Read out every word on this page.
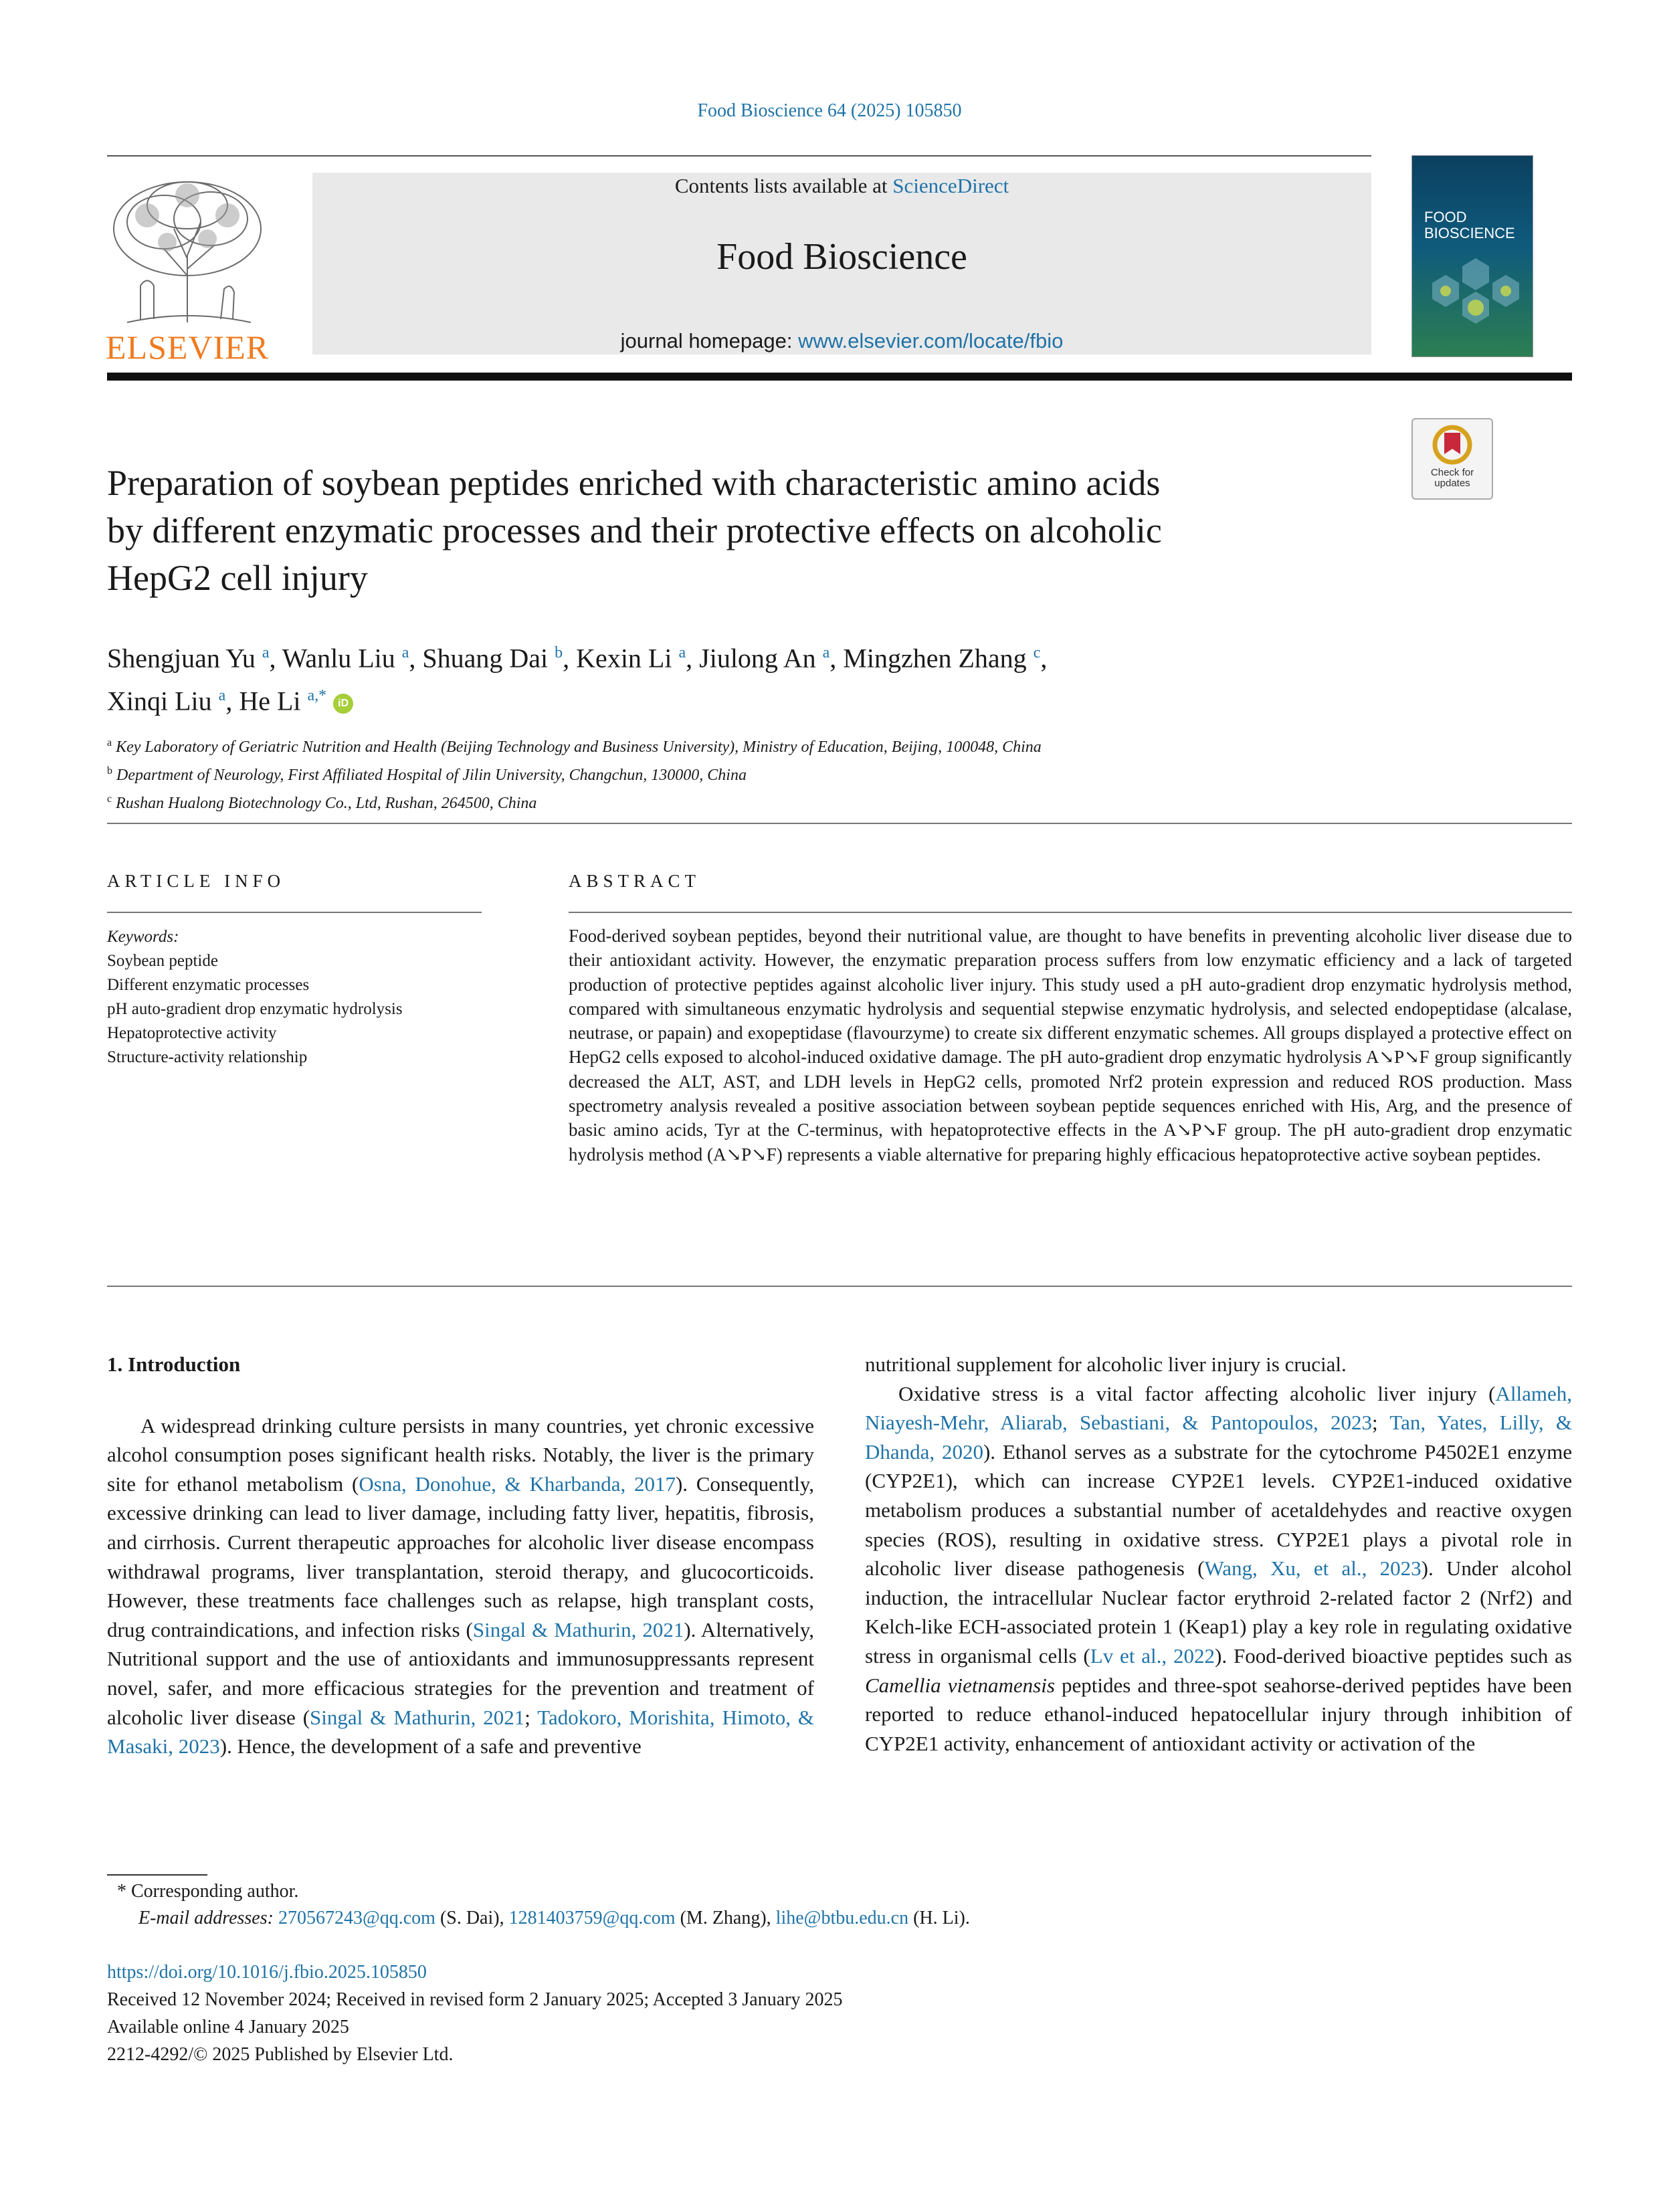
Food Bioscience 64 (2025) 105850
ELSEVIER
Contents lists available at ScienceDirect
Food Bioscience
journal homepage: www.elsevier.com/locate/fbio
FOOD
BIOSCIENCE
Preparation of soybean peptides enriched with characteristic amino acids
by different enzymatic processes and their protective effects on alcoholic
HepG2 cell injury
Check for
updates
Shengjuan Yu $^a$, Wanlu Liu $^a$, Shuang Dai $^b$, Kexin Li $^a$, Jiulong An $^a$, Mingzhen Zhang $^c$,
Xinqi Liu $^a$, He Li $^{a,*}$ iD
$^a$ Key Laboratory of Geriatric Nutrition and Health (Beijing Technology and Business University), Ministry of Education, Beijing, 100048, China
$^b$ Department of Neurology, First Affiliated Hospital of Jilin University, Changchun, 130000, China
$^c$ Rushan Hualong Biotechnology Co., Ltd, Rushan, 264500, China
ARTICLE INFO	ABSTRACT
Keywords:
Soybean peptide
Different enzymatic processes
pH auto-gradient drop enzymatic hydrolysis
Hepatoprotective activity
Structure-activity relationship
Food-derived soybean peptides, beyond their nutritional value, are thought to have benefits in preventing alcoholic liver disease due to their antioxidant activity. However, the enzymatic preparation process suffers from low enzymatic efficiency and a lack of targeted production of protective peptides against alcoholic liver injury. This study used a pH auto-gradient drop enzymatic hydrolysis method, compared with simultaneous enzymatic hydrolysis and sequential stepwise enzymatic hydrolysis, and selected endopeptidase (alcalase, neutrase, or papain) and exopeptidase (flavourzyme) to create six different enzymatic schemes. All groups displayed a protective effect on HepG2 cells exposed to alcohol-induced oxidative damage. The pH auto-gradient drop enzymatic hydrolysis A↘P↘F group significantly decreased the ALT, AST, and LDH levels in HepG2 cells, promoted Nrf2 protein expression and reduced ROS production. Mass spectrometry analysis revealed a positive association between soybean peptide sequences enriched with His, Arg, and the presence of basic amino acids, Tyr at the C-terminus, with hepatoprotective effects in the A↘P↘F group. The pH auto-gradient drop enzymatic hydrolysis method (A↘P↘F) represents a viable alternative for preparing highly efficacious hepatoprotective active soybean peptides.
1. Introduction

A widespread drinking culture persists in many countries, yet chronic excessive alcohol consumption poses significant health risks. Notably, the liver is the primary site for ethanol metabolism (Osna, Donohue, & Kharbanda, 2017). Consequently, excessive drinking can lead to liver damage, including fatty liver, hepatitis, fibrosis, and cirrhosis. Current therapeutic approaches for alcoholic liver disease encompass withdrawal programs, liver transplantation, steroid therapy, and glucocorticoids. However, these treatments face challenges such as relapse, high transplant costs, drug contraindications, and infection risks (Singal & Mathurin, 2021). Alternatively, Nutritional support and the use of antioxidants and immunosuppressants represent novel, safer, and more efficacious strategies for the prevention and treatment of alcoholic liver disease (Singal & Mathurin, 2021; Tadokoro, Morishita, Himoto, & Masaki, 2023). Hence, the development of a safe and preventive

nutritional supplement for alcoholic liver injury is crucial.

Oxidative stress is a vital factor affecting alcoholic liver injury (Allameh, Niayesh-Mehr, Aliarab, Sebastiani, & Pantopoulos, 2023; Tan, Yates, Lilly, & Dhanda, 2020). Ethanol serves as a substrate for the cytochrome P4502E1 enzyme (CYP2E1), which can increase CYP2E1 levels. CYP2E1-induced oxidative metabolism produces a substantial number of acetaldehydes and reactive oxygen species (ROS), resulting in oxidative stress. CYP2E1 plays a pivotal role in alcoholic liver disease pathogenesis (Wang, Xu, et al., 2023). Under alcohol induction, the intracellular Nuclear factor erythroid 2-related factor 2 (Nrf2) and Kelch-like ECH-associated protein 1 (Keap1) play a key role in regulating oxidative stress in organismal cells (Lv et al., 2022). Food-derived bioactive peptides such as Camellia vietnamensis peptides and three-spot seahorse-derived peptides have been reported to reduce ethanol-induced hepatocellular injury through inhibition of CYP2E1 activity, enhancement of antioxidant activity or activation of the

* Corresponding author.
E-mail addresses: 270567243@qq.com (S. Dai), 1281403759@qq.com (M. Zhang), lihe@btbu.edu.cn (H. Li).
https://doi.org/10.1016/j.fbio.2025.105850
Received 12 November 2024; Received in revised form 2 January 2025; Accepted 3 January 2025
Available online 4 January 2025
2212-4292/© 2025 Published by Elsevier Ltd.
